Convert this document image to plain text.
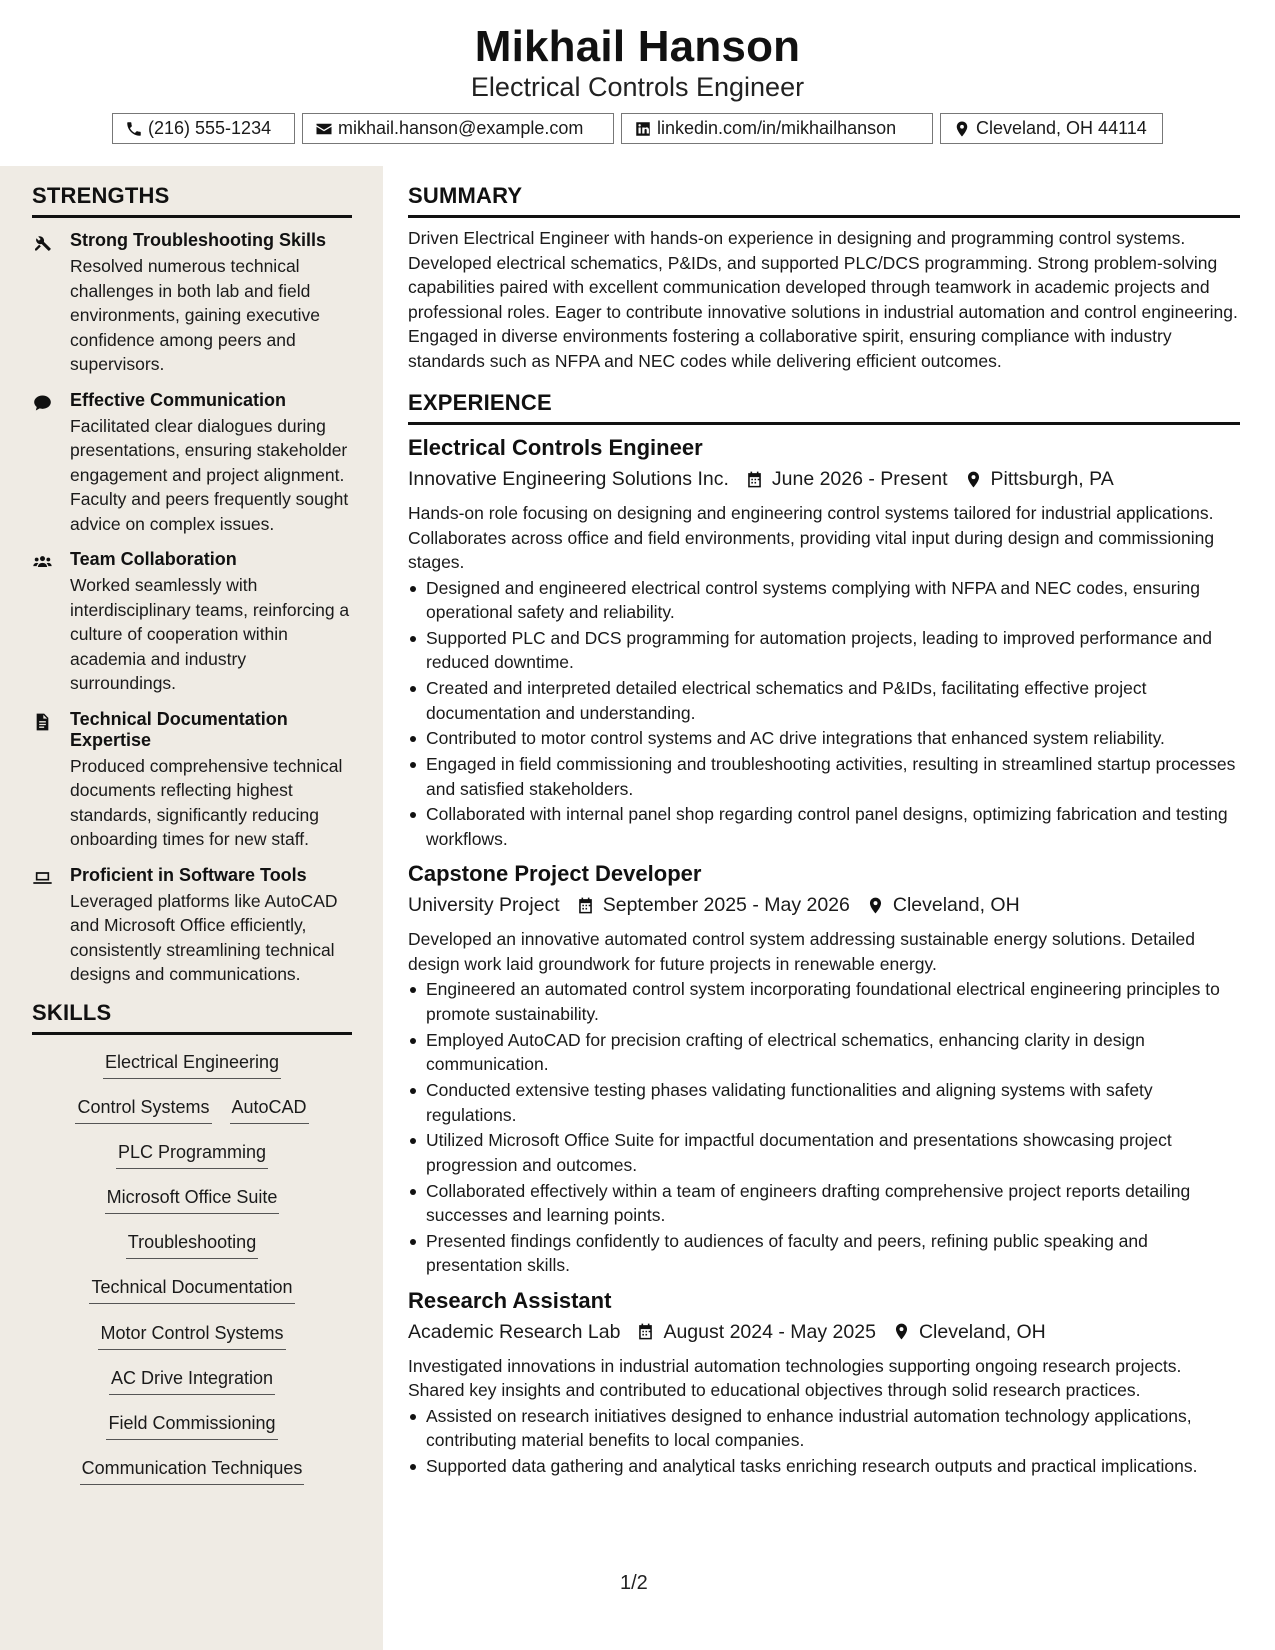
Mikhail Hanson
Electrical Controls Engineer
(216) 555-1234	mikhail.hanson@example.com	linkedin.com/in/mikhailhanson	Cleveland, OH 44114
STRENGTHS
Strong Troubleshooting Skills
Resolved numerous technical challenges in both lab and field environments, gaining executive confidence among peers and supervisors.
Effective Communication
Facilitated clear dialogues during presentations, ensuring stakeholder engagement and project alignment. Faculty and peers frequently sought advice on complex issues.
Team Collaboration
Worked seamlessly with interdisciplinary teams, reinforcing a culture of cooperation within academia and industry surroundings.
Technical Documentation Expertise
Produced comprehensive technical documents reflecting highest standards, significantly reducing onboarding times for new staff.
Proficient in Software Tools
Leveraged platforms like AutoCAD and Microsoft Office efficiently, consistently streamlining technical designs and communications.
SKILLS
Electrical Engineering
Control Systems AutoCAD
PLC Programming
Microsoft Office Suite
Troubleshooting
Technical Documentation
Motor Control Systems
AC Drive Integration
Field Commissioning
Communication Techniques
SUMMARY

Driven Electrical Engineer with hands-on experience in designing and programming control systems. Developed electrical schematics, P&IDs, and supported PLC/DCS programming. Strong problem-solving capabilities paired with excellent communication developed through teamwork in academic projects and professional roles. Eager to contribute innovative solutions in industrial automation and control engineering. Engaged in diverse environments fostering a collaborative spirit, ensuring compliance with industry standards such as NFPA and NEC codes while delivering efficient outcomes.

EXPERIENCE
Electrical Controls Engineer
Innovative Engineering Solutions Inc. June 2026 - Present Pittsburgh, PA

Hands-on role focusing on designing and engineering control systems tailored for industrial applications. Collaborates across office and field environments, providing vital input during design and commissioning stages.

Designed and engineered electrical control systems complying with NFPA and NEC codes, ensuring operational safety and reliability.
Supported PLC and DCS programming for automation projects, leading to improved performance and reduced downtime.
Created and interpreted detailed electrical schematics and P&IDs, facilitating effective project documentation and understanding.
Contributed to motor control systems and AC drive integrations that enhanced system reliability.
Engaged in field commissioning and troubleshooting activities, resulting in streamlined startup processes and satisfied stakeholders.
Collaborated with internal panel shop regarding control panel designs, optimizing fabrication and testing workflows.
Capstone Project Developer
University Project September 2025 - May 2026 Cleveland, OH

Developed an innovative automated control system addressing sustainable energy solutions. Detailed design work laid groundwork for future projects in renewable energy.

Engineered an automated control system incorporating foundational electrical engineering principles to promote sustainability.
Employed AutoCAD for precision crafting of electrical schematics, enhancing clarity in design communication.
Conducted extensive testing phases validating functionalities and aligning systems with safety regulations.
Utilized Microsoft Office Suite for impactful documentation and presentations showcasing project progression and outcomes.
Collaborated effectively within a team of engineers drafting comprehensive project reports detailing successes and learning points.
Presented findings confidently to audiences of faculty and peers, refining public speaking and presentation skills.
Research Assistant
Academic Research Lab August 2024 - May 2025 Cleveland, OH

Investigated innovations in industrial automation technologies supporting ongoing research projects. Shared key insights and contributed to educational objectives through solid research practices.

Assisted on research initiatives designed to enhance industrial automation technology applications, contributing material benefits to local companies.
Supported data gathering and analytical tasks enriching research outputs and practical implications.
1/2
